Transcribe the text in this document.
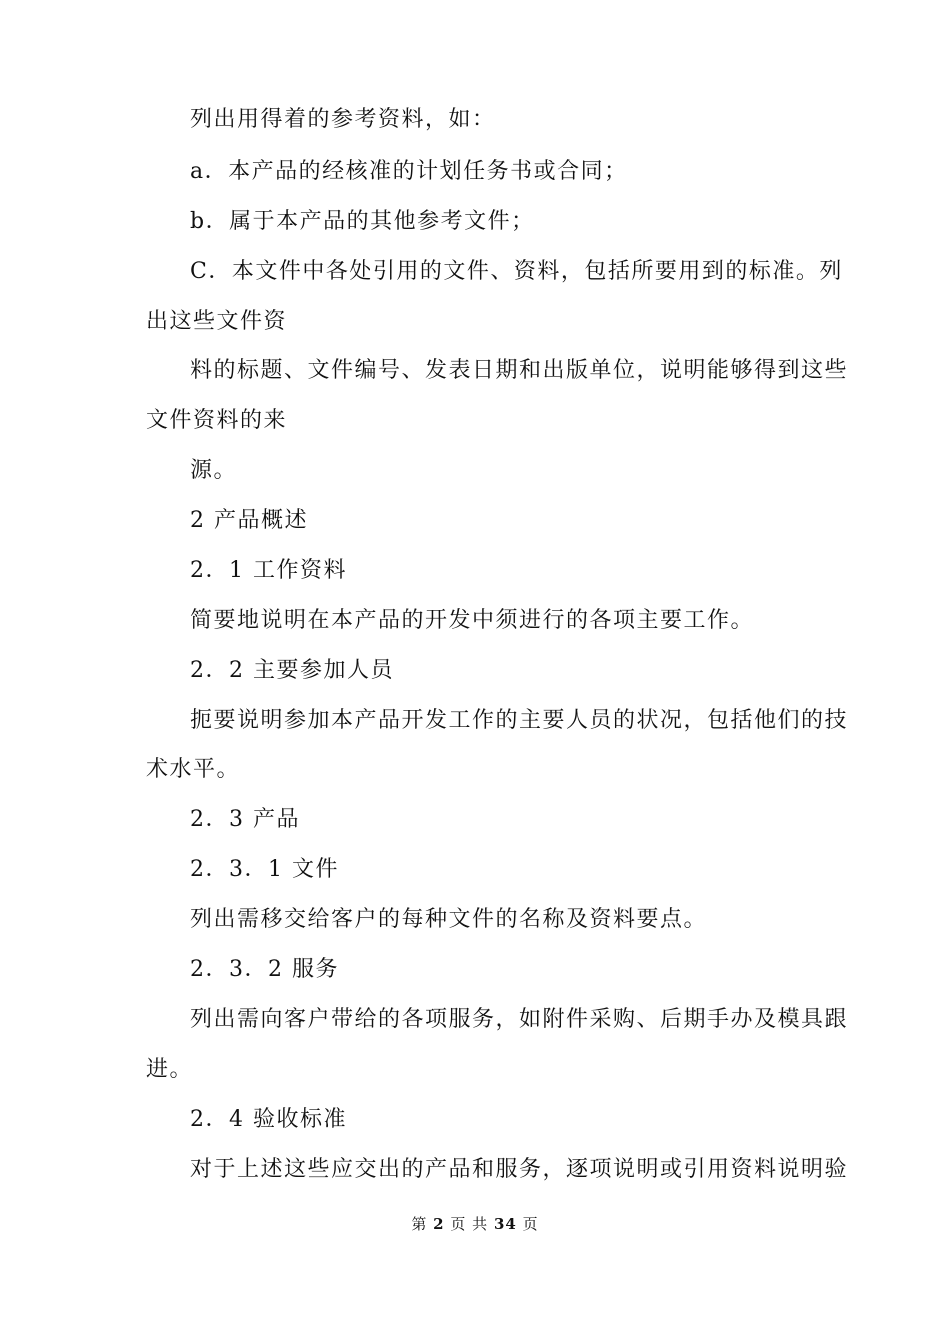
列出用得着的参考资料，如：
a．本产品的经核准的计划任务书或合同；
b．属于本产品的其他参考文件；
C．本文件中各处引用的文件、资料，包括所要用到的标准。列
出这些文件资
料的标题、文件编号、发表日期和出版单位，说明能够得到这些
文件资料的来
源。
2 产品概述
2．1 工作资料
简要地说明在本产品的开发中须进行的各项主要工作。
2．2 主要参加人员
扼要说明参加本产品开发工作的主要人员的状况，包括他们的技
术水平。
2．3 产品
2．3．1 文件
列出需移交给客户的每种文件的名称及资料要点。
2．3．2 服务
列出需向客户带给的各项服务，如附件采购、后期手办及模具跟
进。
2．4 验收标准
对于上述这些应交出的产品和服务，逐项说明或引用资料说明验
第 2 页 共 34 页
